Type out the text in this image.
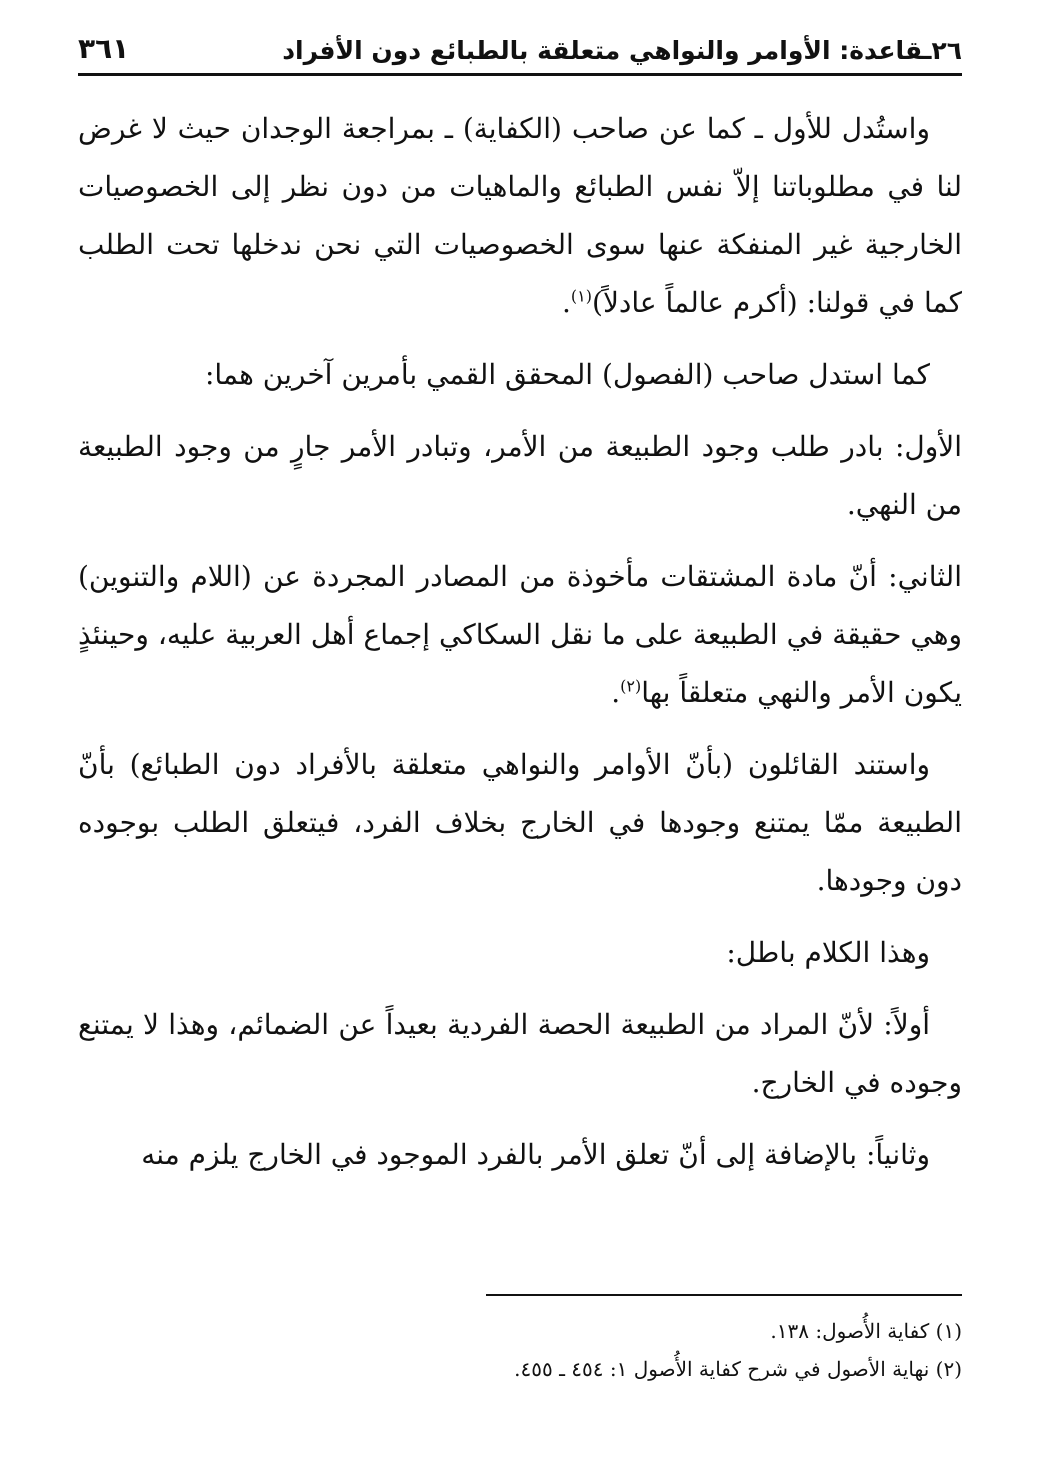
٢٦ـقاعدة: الأوامر والنواهي متعلقة بالطبائع دون الأفراد
٣٦١

واستُدل للأول ـ كما عن صاحب (الكفاية) ـ بمراجعة الوجدان حيث لا غرض لنا في مطلوباتنا إلاّ نفس الطبائع والماهيات من دون نظر إلى الخصوصيات الخارجية غير المنفكة عنها سوى الخصوصيات التي نحن ندخلها تحت الطلب كما في قولنا: (أكرم عالماً عادلاً)$^{(١)}$.

كما استدل صاحب (الفصول) المحقق القمي بأمرين آخرين هما:

الأول: بادر طلب وجود الطبيعة من الأمر، وتبادر الأمر جارٍ من وجود الطبيعة من النهي.

الثاني: أنّ مادة المشتقات مأخوذة من المصادر المجردة عن (اللام والتنوين) وهي حقيقة في الطبيعة على ما نقل السكاكي إجماع أهل العربية عليه، وحينئذٍ يكون الأمر والنهي متعلقاً بها$^{(٢)}$.

واستند القائلون (بأنّ الأوامر والنواهي متعلقة بالأفراد دون الطبائع) بأنّ الطبيعة ممّا يمتنع وجودها في الخارج بخلاف الفرد، فيتعلق الطلب بوجوده دون وجودها.

وهذا الكلام باطل:

أولاً: لأنّ المراد من الطبيعة الحصة الفردية بعيداً عن الضمائم، وهذا لا يمتنع وجوده في الخارج.

وثانياً: بالإضافة إلى أنّ تعلق الأمر بالفرد الموجود في الخارج يلزم منه

(١) كفاية الأُصول: ١٣٨.
(٢) نهاية الأصول في شرح كفاية الأُصول ١: ٤٥٤ ـ ٤٥٥.
